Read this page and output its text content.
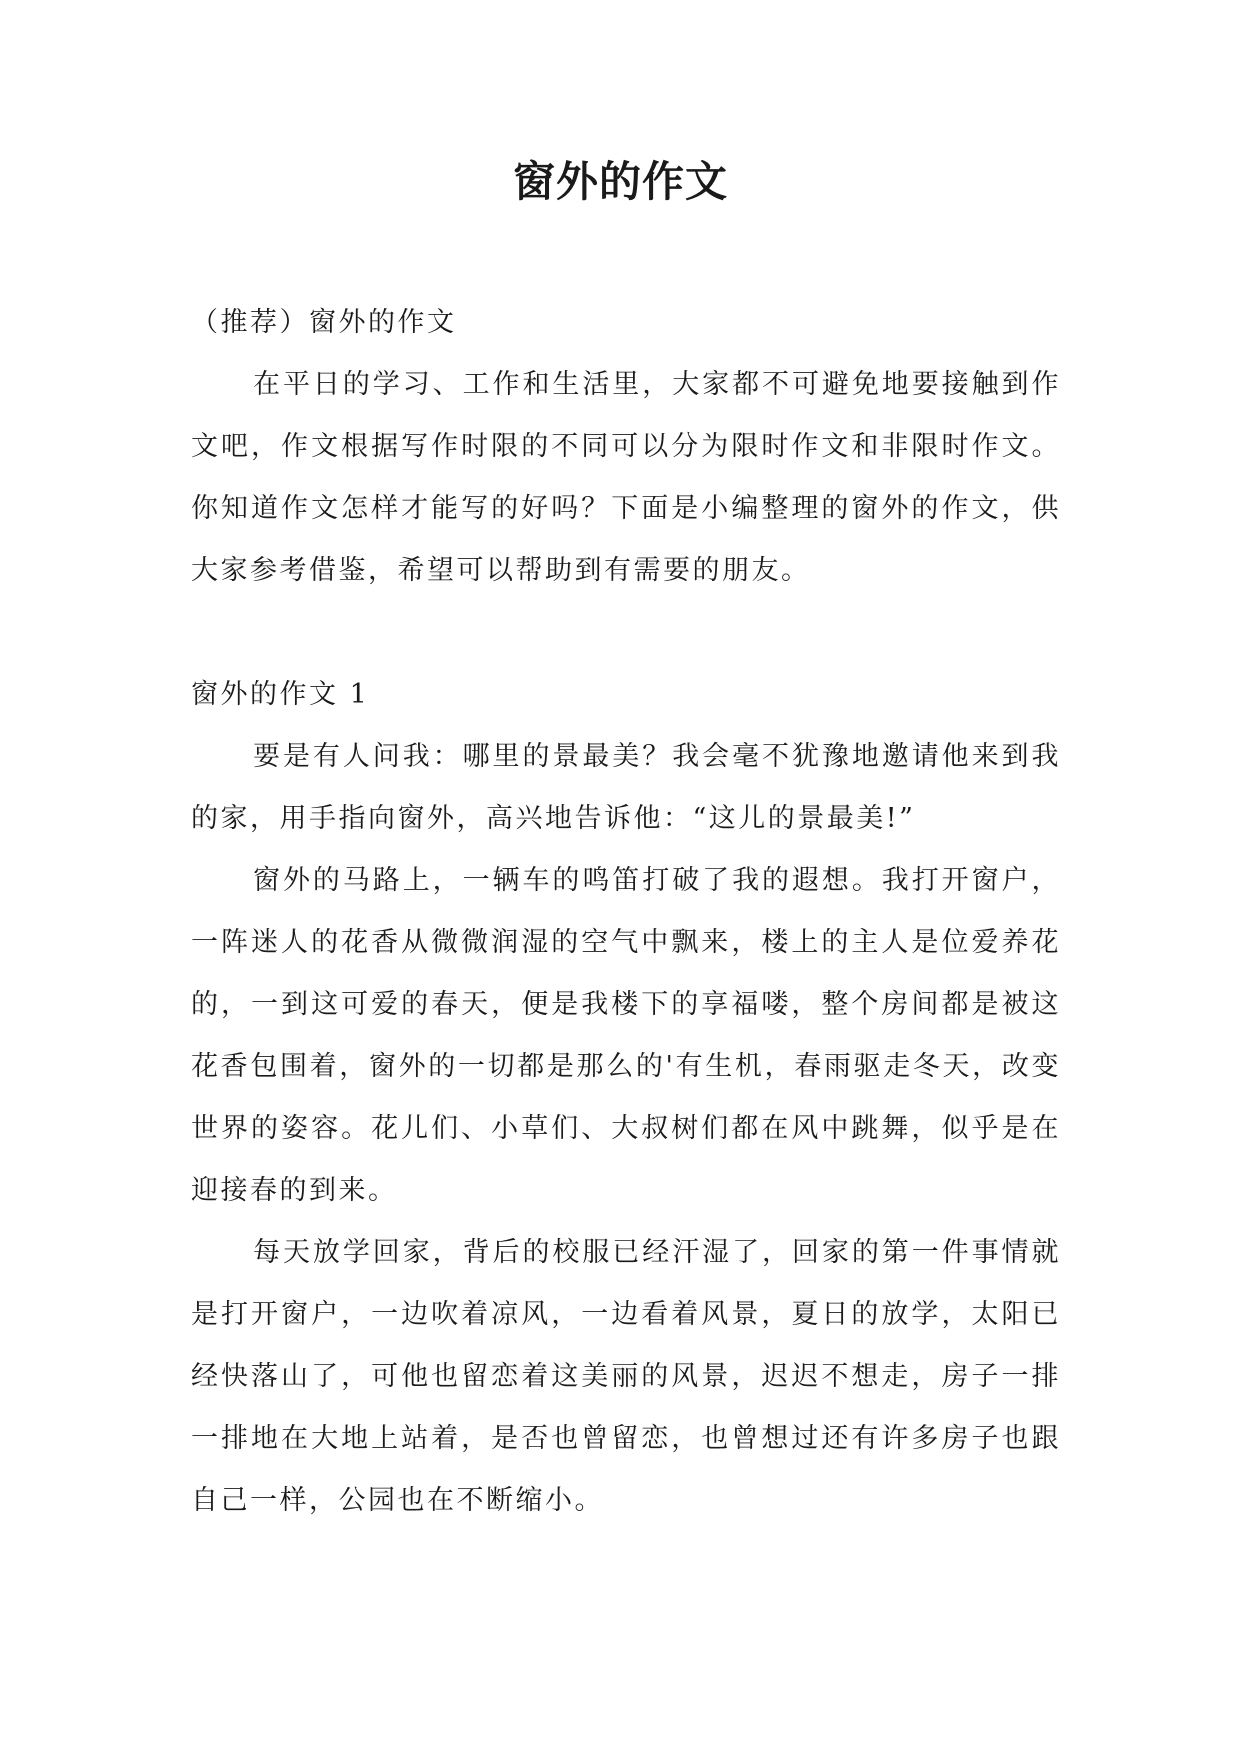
窗外的作文

（推荐）窗外的作文

在平日的学习、工作和生活里，大家都不可避免地要接触到作文吧，作文根据写作时限的不同可以分为限时作文和非限时作文。你知道作文怎样才能写的好吗？下面是小编整理的窗外的作文，供大家参考借鉴，希望可以帮助到有需要的朋友。

窗外的作文 1

要是有人问我：哪里的景最美？我会毫不犹豫地邀请他来到我的家，用手指向窗外，高兴地告诉他：“这儿的景最美!”

窗外的马路上，一辆车的鸣笛打破了我的遐想。我打开窗户，一阵迷人的花香从微微润湿的空气中飘来，楼上的主人是位爱养花的，一到这可爱的春天，便是我楼下的享福喽，整个房间都是被这花香包围着，窗外的一切都是那么的'有生机，春雨驱走冬天，改变世界的姿容。花儿们、小草们、大叔树们都在风中跳舞，似乎是在迎接春的到来。

每天放学回家，背后的校服已经汗湿了，回家的第一件事情就是打开窗户，一边吹着凉风，一边看着风景，夏日的放学，太阳已经快落山了，可他也留恋着这美丽的风景，迟迟不想走，房子一排一排地在大地上站着，是否也曾留恋，也曾想过还有许多房子也跟自己一样，公园也在不断缩小。
